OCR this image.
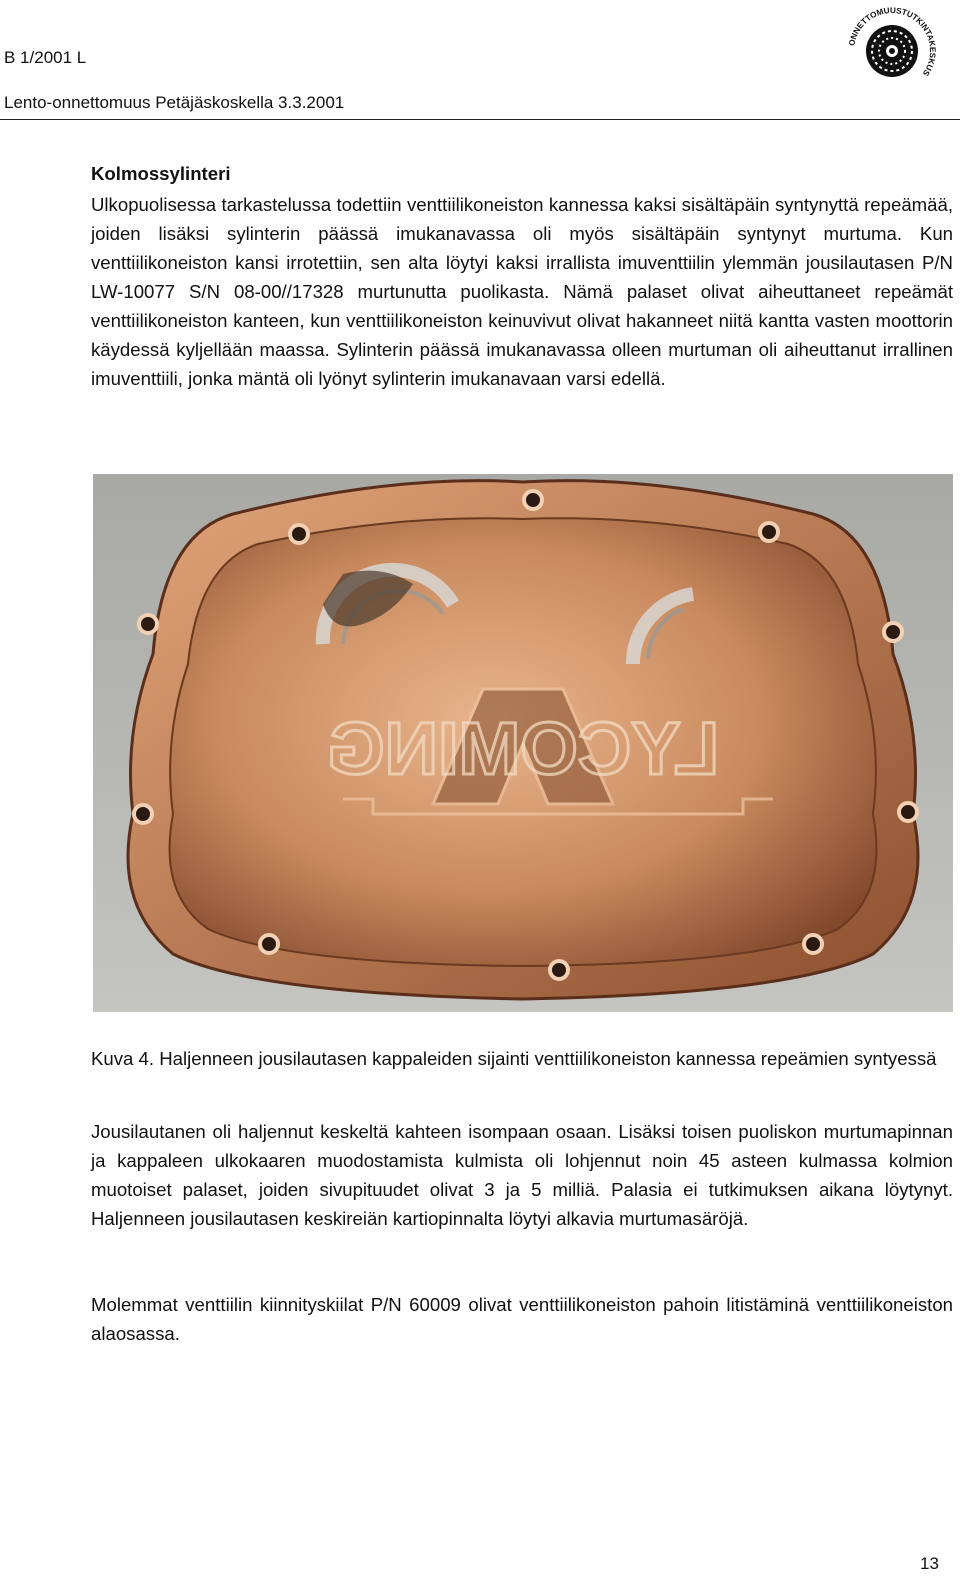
B 1/2001 L
Lento-onnettomuus Petäjäskoskella 3.3.2001
ONNETTOMUUSTUTKINTAKESKUS
Kolmossylinteri
Ulkopuolisessa tarkastelussa todettiin venttiilikoneiston kannessa kaksi sisältäpäin syntynyttä repeämää, joiden lisäksi sylinterin päässä imukanavassa oli myös sisältäpäin syntynyt murtuma. Kun venttiilikoneiston kansi irrotettiin, sen alta löytyi kaksi irrallista imuventtiilin ylemmän jousilautasen P/N LW-10077 S/N 08-00//17328 murtunutta puolikasta. Nämä palaset olivat aiheuttaneet repeämät venttiilikoneiston kanteen, kun venttiilikoneiston keinuvivut olivat hakanneet niitä kantta vasten moottorin käydessä kyljellään maassa. Sylinterin päässä imukanavassa olleen murtuman oli aiheuttanut irrallinen imuventtiili, jonka mäntä oli lyönyt sylinterin imukanavaan varsi edellä.
LYCOMING
Kuva 4. Haljenneen jousilautasen kappaleiden sijainti venttiilikoneiston kannessa repeämien syntyessä
Jousilautanen oli haljennut keskeltä kahteen isompaan osaan. Lisäksi toisen puoliskon murtumapinnan ja kappaleen ulkokaaren muodostamista kulmista oli lohjennut noin 45 asteen kulmassa kolmion muotoiset palaset, joiden sivupituudet olivat 3 ja 5 milliä. Palasia ei tutkimuksen aikana löytynyt. Haljenneen jousilautasen keskireiän kartiopinnalta löytyi alkavia murtumasäröjä.
Molemmat venttiilin kiinnityskiilat P/N 60009 olivat venttiilikoneiston pahoin litistäminä venttiilikoneiston alaosassa.
13
